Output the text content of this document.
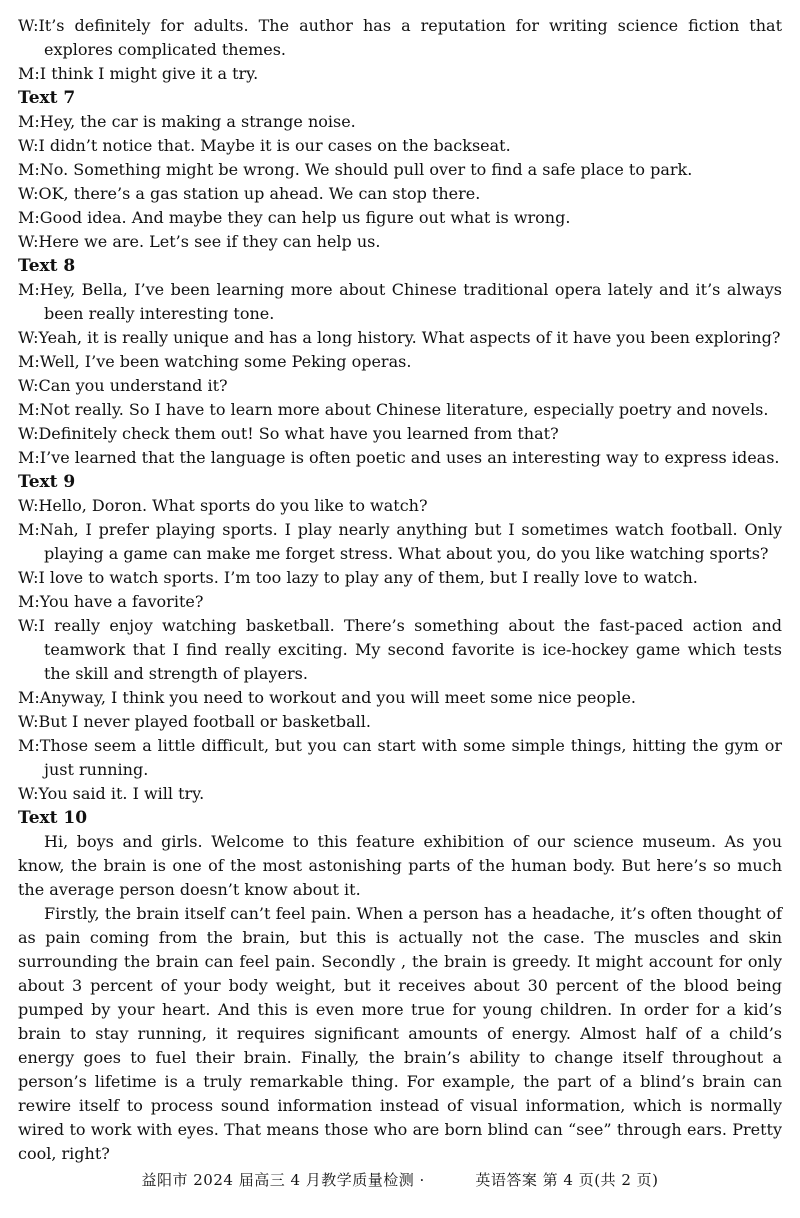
W:It’s definitely for adults. The author has a reputation for writing science fiction that explores complicated themes.
M:I think I might give it a try.
Text 7
M:Hey, the car is making a strange noise.
W:I didn’t notice that. Maybe it is our cases on the backseat.
M:No. Something might be wrong. We should pull over to find a safe place to park.
W:OK, there’s a gas station up ahead. We can stop there.
M:Good idea. And maybe they can help us figure out what is wrong.
W:Here we are. Let’s see if they can help us.
Text 8
M:Hey, Bella, I’ve been learning more about Chinese traditional opera lately and it’s always been really interesting tone.
W:Yeah, it is really unique and has a long history. What aspects of it have you been exploring?
M:Well, I’ve been watching some Peking operas.
W:Can you understand it?
M:Not really. So I have to learn more about Chinese literature, especially poetry and novels.
W:Definitely check them out! So what have you learned from that?
M:I’ve learned that the language is often poetic and uses an interesting way to express ideas.
Text 9
W:Hello, Doron. What sports do you like to watch?
M:Nah, I prefer playing sports. I play nearly anything but I sometimes watch football. Only playing a game can make me forget stress. What about you, do you like watching sports?
W:I love to watch sports. I’m too lazy to play any of them, but I really love to watch.
M:You have a favorite?
W:I really enjoy watching basketball. There’s something about the fast-paced action and teamwork that I find really exciting. My second favorite is ice-hockey game which tests the skill and strength of players.
M:Anyway, I think you need to workout and you will meet some nice people.
W:But I never played football or basketball.
M:Those seem a little difficult, but you can start with some simple things, hitting the gym or just running.
W:You said it. I will try.
Text 10
Hi, boys and girls. Welcome to this feature exhibition of our science museum. As you know, the brain is one of the most astonishing parts of the human body. But here’s so much the average person doesn’t know about it.
Firstly, the brain itself can’t feel pain. When a person has a headache, it’s often thought of as pain coming from the brain, but this is actually not the case. The muscles and skin surrounding the brain can feel pain. Secondly , the brain is greedy. It might account for only about 3 percent of your body weight, but it receives about 30 percent of the blood being pumped by your heart. And this is even more true for young children. In order for a kid’s brain to stay running, it requires significant amounts of energy. Almost half of a child’s energy goes to fuel their brain. Finally, the brain’s ability to change itself throughout a person’s lifetime is a truly remarkable thing. For example, the part of a blind’s brain can rewire itself to process sound information instead of visual information, which is normally wired to work with eyes. That means those who are born blind can “see” through ears. Pretty cool, right?
益阳市 2024 届高三 4 月教学质量检测 ·	英语答案 第 4 页(共 2 页)
